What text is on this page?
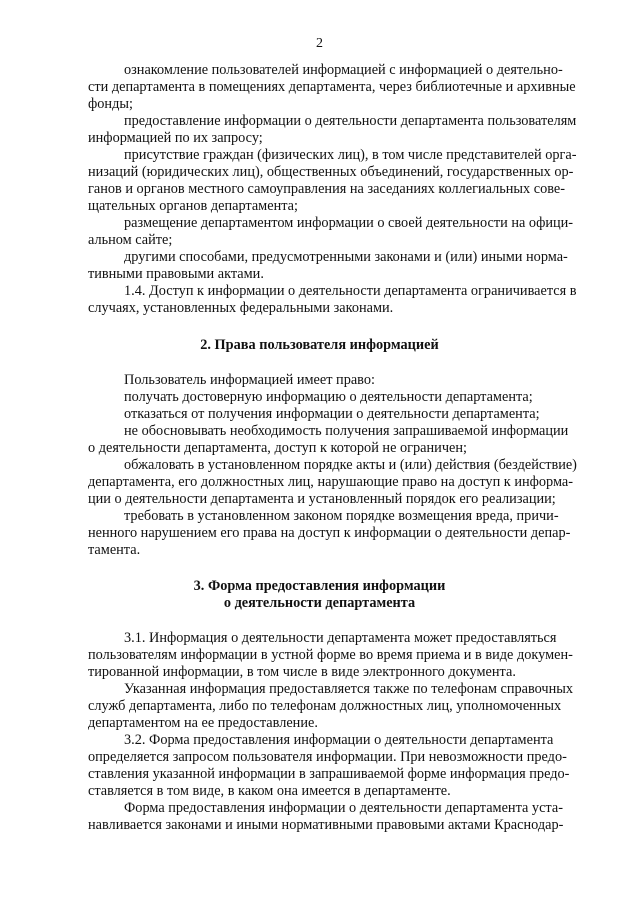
2
ознакомление пользователей информацией с информацией о деятельно-
сти департамента в помещениях департамента, через библиотечные и архивные
фонды;
предоставление информации о деятельности департамента пользователям
информацией по их запросу;
присутствие граждан (физических лиц), в том числе представителей орга-
низаций (юридических лиц), общественных объединений, государственных ор-
ганов и органов местного самоуправления на заседаниях коллегиальных сове-
щательных органов департамента;
размещение департаментом информации о своей деятельности на офици-
альном сайте;
другими способами, предусмотренными законами и (или) иными норма-
тивными правовыми актами.
1.4. Доступ к информации о деятельности департамента ограничивается в
случаях, установленных федеральными законами.
2. Права пользователя информацией
Пользователь информацией имеет право:
получать достоверную информацию о деятельности департамента;
отказаться от получения информации о деятельности департамента;
не обосновывать необходимость получения запрашиваемой информации
о деятельности департамента, доступ к которой не ограничен;
обжаловать в установленном порядке акты и (или) действия (бездействие)
департамента, его должностных лиц, нарушающие право на доступ к информа-
ции о деятельности департамента и установленный порядок его реализации;
требовать в установленном законом порядке возмещения вреда, причи-
ненного нарушением его права на доступ к информации о деятельности депар-
тамента.
3. Форма предоставления информации
о деятельности департамента
3.1. Информация о деятельности департамента может предоставляться
пользователям информации в устной форме во время приема и в виде докумен-
тированной информации, в том числе в виде электронного документа.
Указанная информация предоставляется также по телефонам справочных
служб департамента, либо по телефонам должностных лиц, уполномоченных
департаментом на ее предоставление.
3.2. Форма предоставления информации о деятельности департамента
определяется запросом пользователя информации. При невозможности предо-
ставления указанной информации в запрашиваемой форме информация предо-
ставляется в том виде, в каком она имеется в департаменте.
Форма предоставления информации о деятельности департамента уста-
навливается законами и иными нормативными правовыми актами Краснодар-
